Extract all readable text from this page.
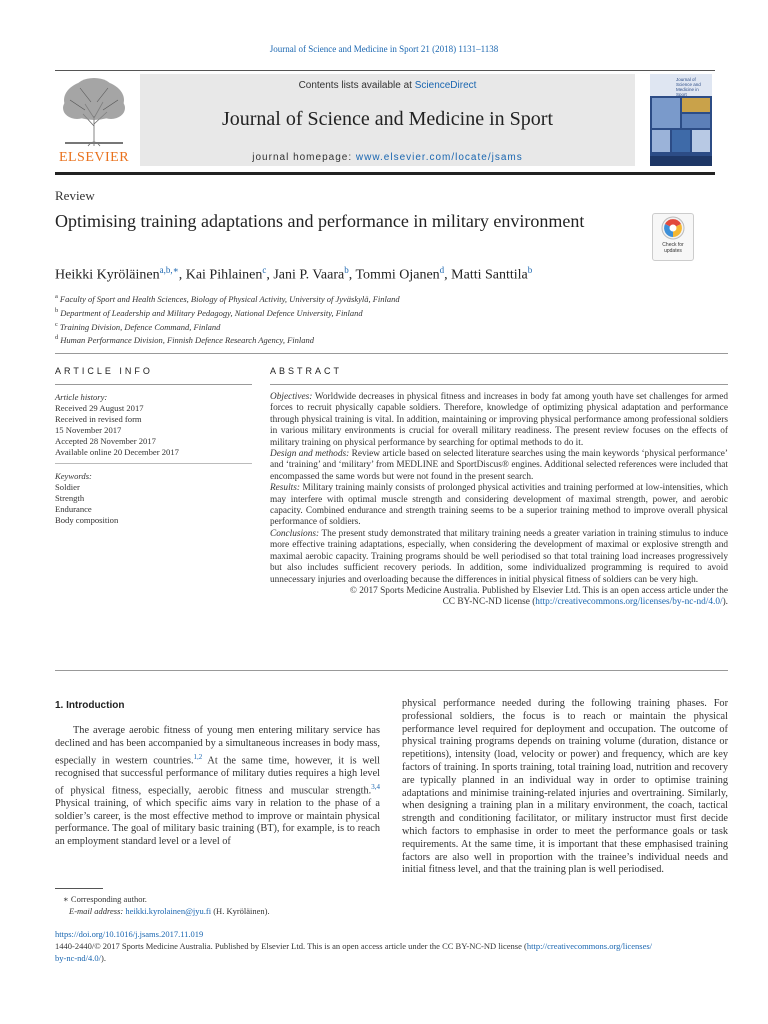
Journal of Science and Medicine in Sport 21 (2018) 1131–1138
ELSEVIER
Contents lists available at ScienceDirect
Journal of Science and Medicine in Sport
journal homepage: www.elsevier.com/locate/jsams
Journal of Science and Medicine in Sport
Review
Optimising training adaptations and performance in military environment
Check for updates
Heikki Kyröläinen$^{a,b,∗}$, Kai Pihlainen$^c$, Jani P. Vaara$^b$, Tommi Ojanen$^d$, Matti Santtila$^b$
$^a$ Faculty of Sport and Health Sciences, Biology of Physical Activity, University of Jyväskylä, Finland
$^b$ Department of Leadership and Military Pedagogy, National Defence University, Finland
$^c$ Training Division, Defence Command, Finland
$^d$ Human Performance Division, Finnish Defence Research Agency, Finland
ARTICLE INFO	ABSTRACT
Article history:
Received 29 August 2017
Received in revised form
15 November 2017
Accepted 28 November 2017
Available online 20 December 2017
Keywords:
Soldier
Strength
Endurance
Body composition
Objectives: Worldwide decreases in physical fitness and increases in body fat among youth have set challenges for armed forces to recruit physically capable soldiers. Therefore, knowledge of optimizing physical adaptation and performance through physical training is vital. In addition, maintaining or improving physical performance among professional soldiers in various military environments is crucial for overall military readiness. The present review focuses on the effects of military training on physical performance by searching for optimal methods to do it.
Design and methods: Review article based on selected literature searches using the main keywords ‘physical performance’ and ‘training’ and ‘military’ from MEDLINE and SportDiscus® engines. Additional selected references were included that encompassed the same words but were not found in the present search.
Results: Military training mainly consists of prolonged physical activities and training performed at low-intensities, which may interfere with optimal muscle strength and considering development of maximal strength, power, and aerobic capacity. Combined endurance and strength training seems to be a superior training method to improve overall physical performance of soldiers.
Conclusions: The present study demonstrated that military training needs a greater variation in training stimulus to induce more effective training adaptations, especially, when considering the development of maximal or explosive strength and maximal aerobic capacity. Training programs should be well periodised so that total training load increases progressively but also includes sufficient recovery periods. In addition, some individualized programming is required to avoid unnecessary injuries and overloading because the differences in initial physical fitness of soldiers can be very high.
© 2017 Sports Medicine Australia. Published by Elsevier Ltd. This is an open access article under the
CC BY-NC-ND license (http://creativecommons.org/licenses/by-nc-nd/4.0/).
1. Introduction
The average aerobic fitness of young men entering military service has declined and has been accompanied by a simultaneous increases in body mass, especially in western countries.$^{1,2}$ At the same time, however, it is well recognised that successful performance of military duties requires a high level of physical fitness, especially, aerobic fitness and muscular strength.$^{3,4}$ Physical training, of which specific aims vary in relation to the phase of a soldier’s career, is the most effective method to improve or maintain physical performance. The goal of military basic training (BT), for example, is to reach an employment standard level or a level of
physical performance needed during the following training phases. For professional soldiers, the focus is to reach or maintain the physical performance level required for deployment and occupation. The outcome of physical training programs depends on training volume (duration, distance or repetitions), intensity (load, velocity or power) and frequency, which are key factors of training. In sports training, total training load, nutrition and recovery are typically planned in an individual way in order to optimise training adaptations and minimise training-related injuries and overtraining. Similarly, when designing a training plan in a military environment, the coach, tactical strength and conditioning facilitator, or military instructor must first decide which factors to emphasise in order to meet the performance goals or task requirements. At the same time, it is important that these emphasised training factors are also well in proportion with the trainee’s individual needs and initial fitness level, and that the training plan is well periodised.
∗ Corresponding author.
E-mail address: heikki.kyrolainen@jyu.fi (H. Kyröläinen).
https://doi.org/10.1016/j.jsams.2017.11.019
1440-2440/© 2017 Sports Medicine Australia. Published by Elsevier Ltd. This is an open access article under the CC BY-NC-ND license (http://creativecommons.org/licenses/
by-nc-nd/4.0/).
